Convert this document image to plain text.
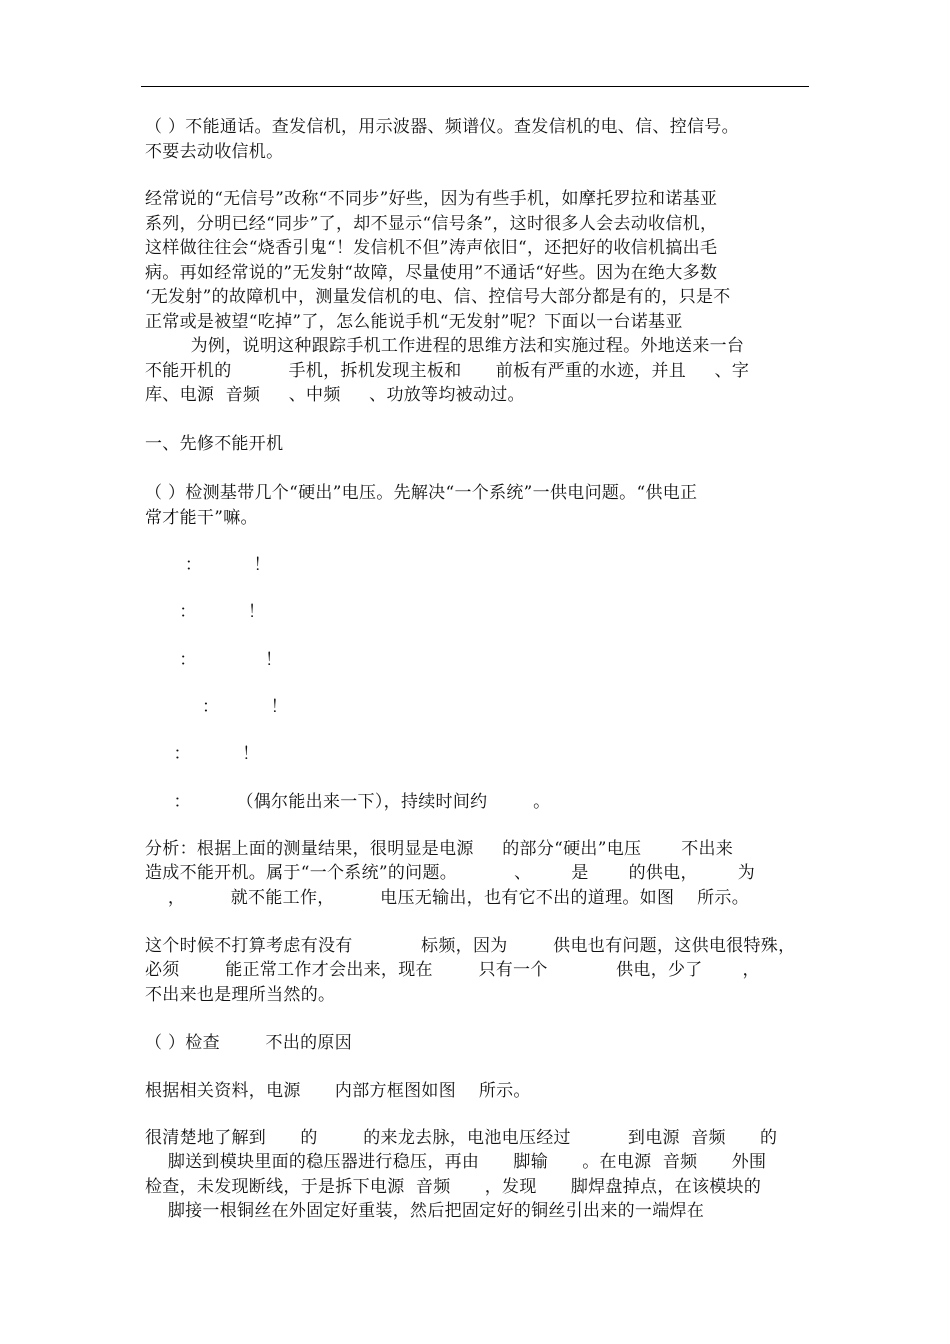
（ ）不能通话。查发信机，用示波器、频谱仪。查发信机的电、信、控信号。

不要去动收信机。

经常说的“无信号”改称“不同步”好些，因为有些手机，如摩托罗拉和诺基亚

系列，分明已经“同步”了，却不显示“信号条”，这时很多人会去动收信机，

这样做往往会“烧香引鬼“！发信机不但”涛声依旧“，还把好的收信机搞出毛

病。再如经常说的”无发射“故障，尽量使用”不通话“好些。因为在绝大多数

‘无发射”的故障机中，测量发信机的电、信、控信号大部分都是有的，只是不

正常或是被望“吃掉”了，怎么能说手机“无发射”呢？下面以一台诺基亚

为例，说明这种跟踪手机工作进程的思维方法和实施过程。外地送来一台

不能开机的          手机，拆机发现主板和      前板有严重的水迹，并且     、字

库、电源  音频     、中频     、功放等均被动过。

一、先修不能开机

（ ）检测基带几个“硬出”电压。先解决“一个系统”一供电问题。“供电正

常才能干”嘛。

：         ！

：         ！

：            ！

：         ！

：         ！

：        （偶尔能出来一下），持续时间约        。

分析：根据上面的测量结果，很明显是电源     的部分“硬出”电压       不出来

造成不能开机。属于“一个系统”的问题。          、       是       的供电，       为

，        就不能工作，        电压无输出，也有它不出的道理。如图    所示。

这个时候不打算考虑有没有            标频，因为        供电也有问题，这供电很特殊，

必须        能正常工作才会出来，现在        只有一个            供电，少了       ，

不出来也是理所当然的。

（ ）检查        不出的原因

根据相关资料，电源      内部方框图如图    所示。

很清楚地了解到      的        的来龙去脉，电池电压经过          到电源  音频      的

脚送到模块里面的稳压器进行稳压，再由      脚输      。在电源  音频      外围

检查，未发现断线，于是拆下电源  音频      ，发现      脚焊盘掉点，在该模块的

脚接一根铜丝在外固定好重装，然后把固定好的铜丝引出来的一端焊在
